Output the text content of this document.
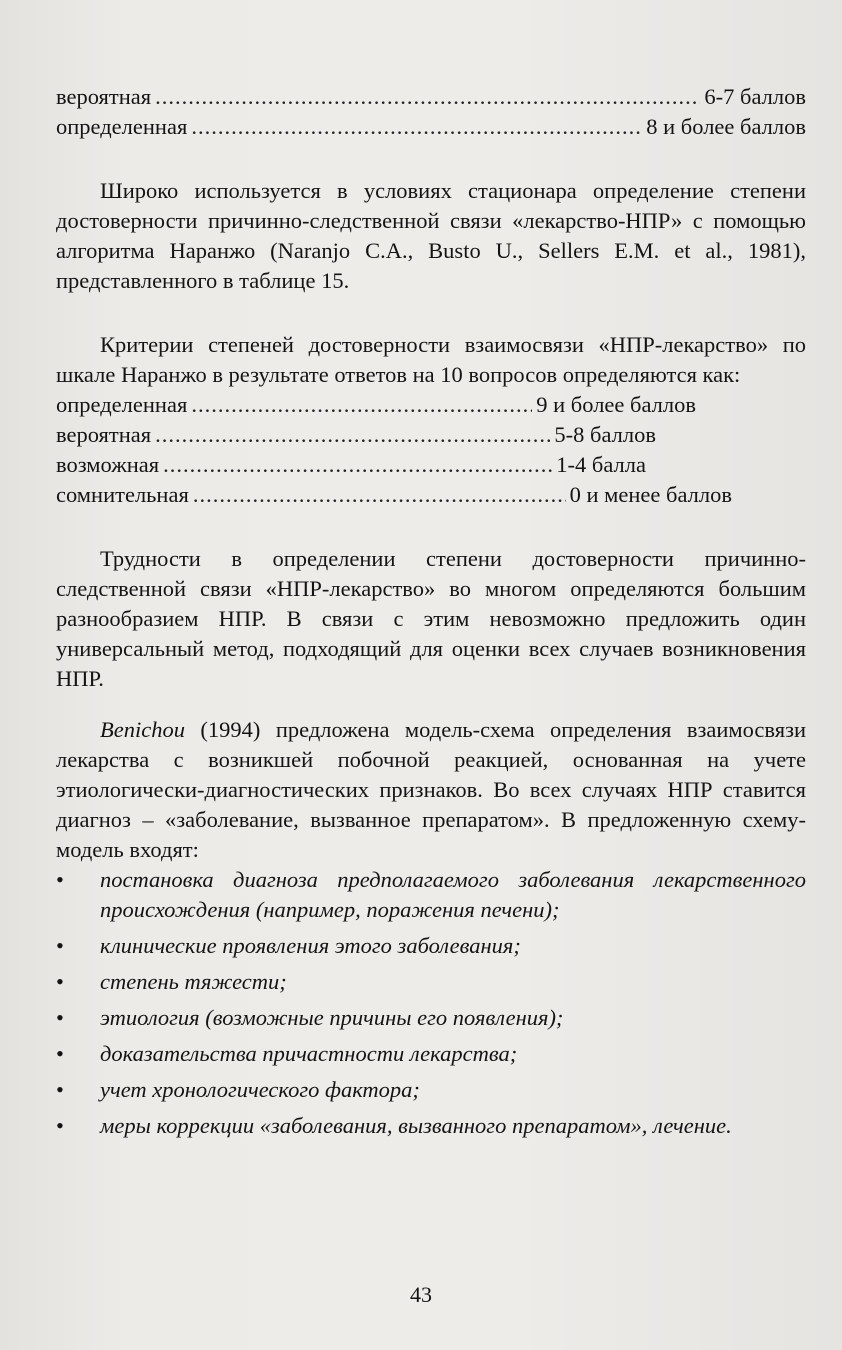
вероятная .....	6-7 баллов
определенная .....	8 и более баллов

Широко используется в условиях стационара определение степени достоверности причинно-следственной связи «лекарство-НПР» с помощью алгоритма Наранжо (Naranjo C.A., Busto U., Sellers E.M. et al., 1981), представленного в таблице 15.

Критерии степеней достоверности взаимосвязи «НПР-лекарство» по шкале Наранжо в результате ответов на 10 вопросов определяются как:

определенная .....	9 и более баллов
вероятная .....	5-8 баллов
возможная .....	1-4 балла
сомнительная .....	0 и менее баллов

Трудности в определении степени достоверности причинно-следственной связи «НПР-лекарство» во многом определяются большим разнообразием НПР. В связи с этим невозможно предложить один универсальный метод, подходящий для оценки всех случаев возникновения НПР.

Benichou (1994) предложена модель-схема определения взаимосвязи лекарства с возникшей побочной реакцией, основанная на учете этиологически-диагностических признаков. Во всех случаях НПР ставится диагноз – «заболевание, вызванное препаратом». В предложенную схему-модель входят:

• постановка диагноза предполагаемого заболевания лекарственного происхождения (например, поражения печени);
• клинические проявления этого заболевания;
• степень тяжести;
• этиология (возможные причины его появления);
• доказательства причастности лекарства;
• учет хронологического фактора;
• меры коррекции «заболевания, вызванного препаратом», лечение.
43
